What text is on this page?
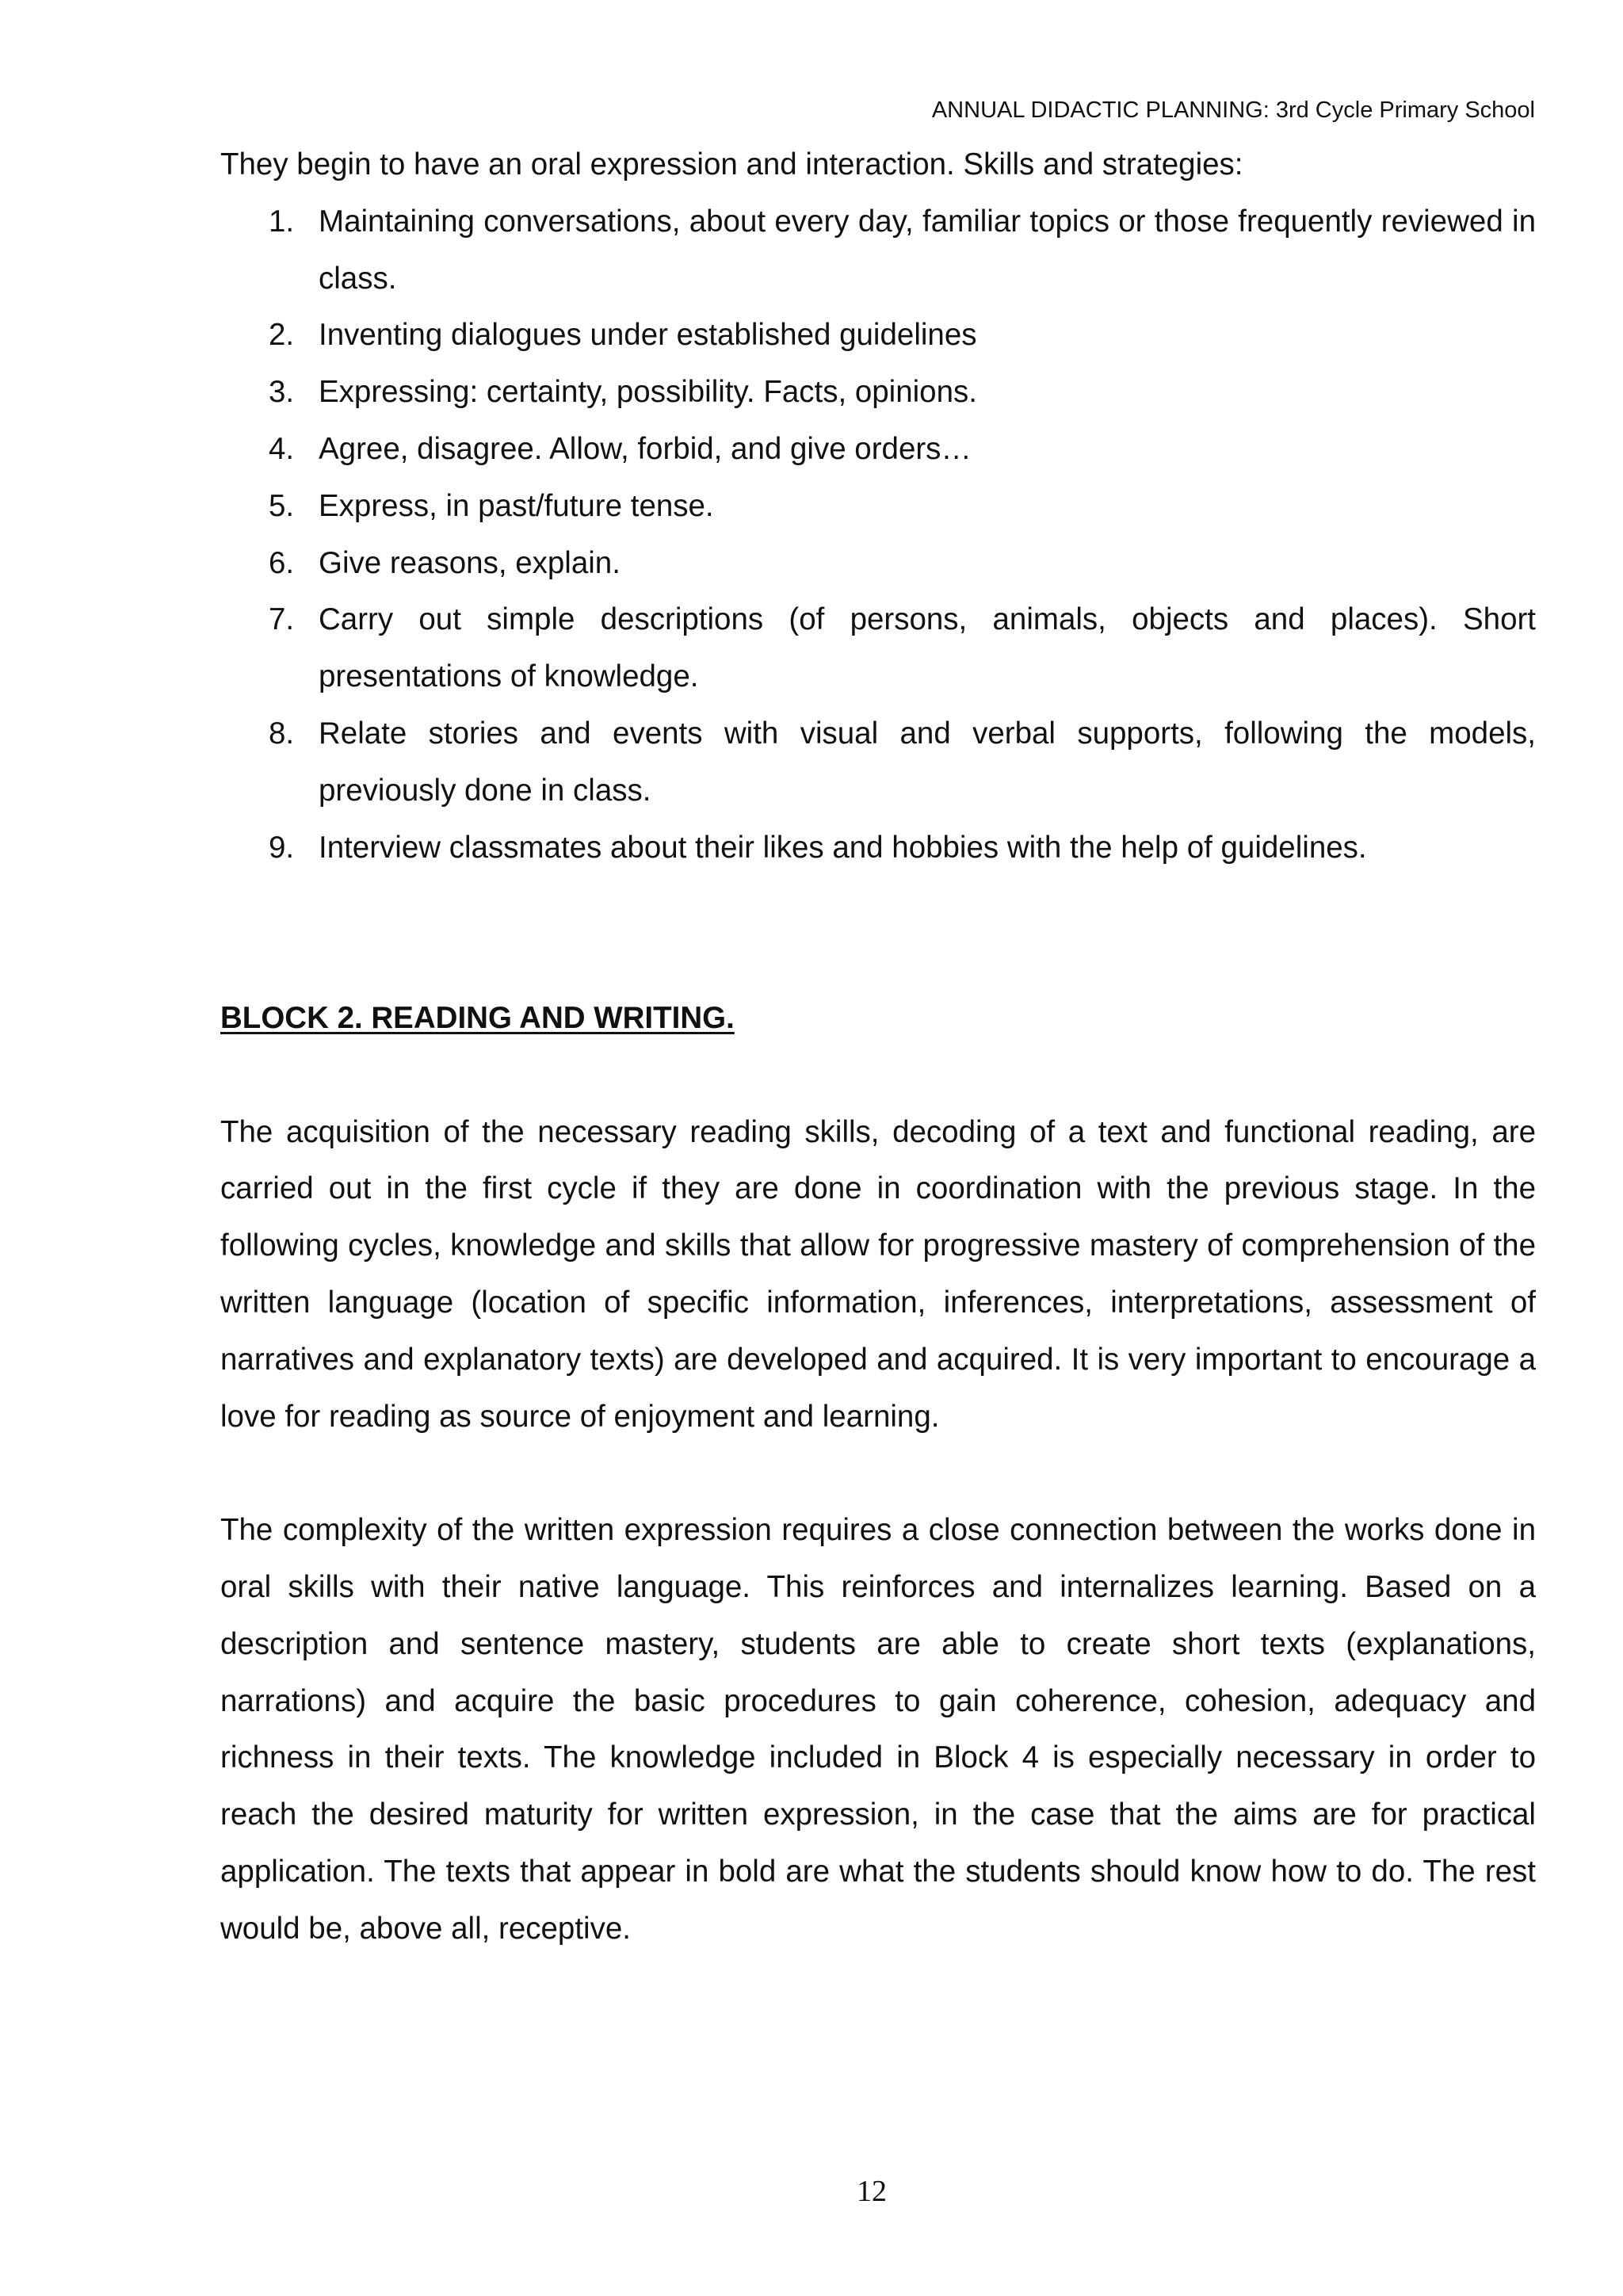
ANNUAL DIDACTIC PLANNING: 3rd Cycle Primary School

They begin to have an oral expression and interaction. Skills and strategies:

1. Maintaining conversations, about every day, familiar topics or those frequently reviewed in class.
2. Inventing dialogues under established guidelines
3. Expressing: certainty, possibility. Facts, opinions.
4. Agree, disagree. Allow, forbid, and give orders…
5. Express, in past/future tense.
6. Give reasons, explain.
7. Carry out simple descriptions (of persons, animals, objects and places). Short presentations of knowledge.
8. Relate stories and events with visual and verbal supports, following the models, previously done in class.
9. Interview classmates about their likes and hobbies with the help of guidelines.
BLOCK 2. READING AND WRITING.

The acquisition of the necessary reading skills, decoding of a text and functional reading, are carried out in the first cycle if they are done in coordination with the previous stage. In the following cycles, knowledge and skills that allow for progressive mastery of comprehension of the written language (location of specific information, inferences, interpretations, assessment of narratives and explanatory texts) are developed and acquired. It is very important to encourage a love for reading as source of enjoyment and learning.

The complexity of the written expression requires a close connection between the works done in oral skills with their native language. This reinforces and internalizes learning. Based on a description and sentence mastery, students are able to create short texts (explanations, narrations) and acquire the basic procedures to gain coherence, cohesion, adequacy and richness in their texts. The knowledge included in Block 4 is especially necessary in order to reach the desired maturity for written expression, in the case that the aims are for practical application. The texts that appear in bold are what the students should know how to do. The rest would be, above all, receptive.

12
